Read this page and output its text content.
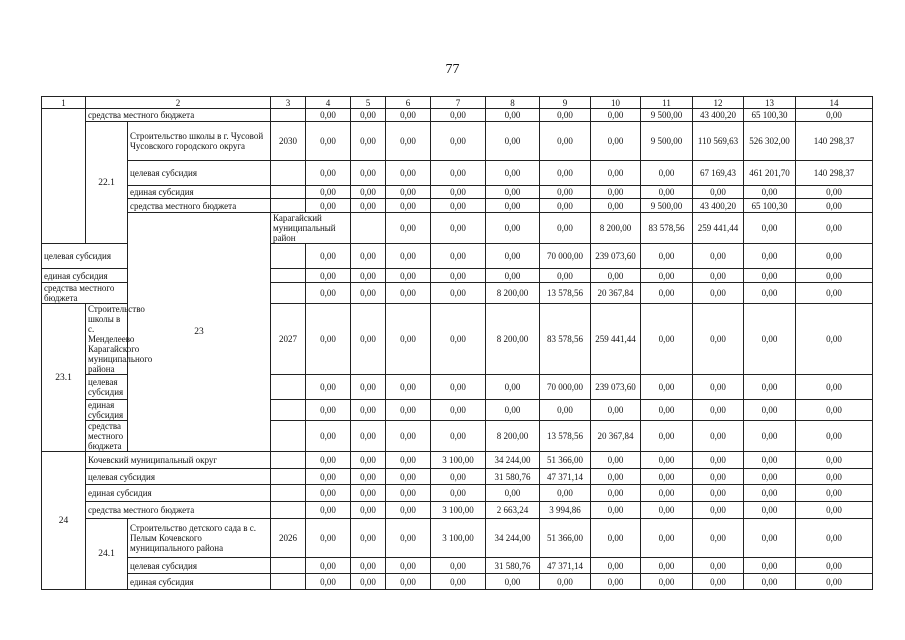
77
1	2		3	4	5	6	7	8	9	10	11	12	13	14	
	средства местного бюджета			0,00	0,00	0,00	0,00	0,00	0,00	0,00	9 500,00	43 400,20	65 100,30	0,00	
	22.1	Строительство школы в г. Чусовой Чусовского городского округа	2030	0,00	0,00	0,00	0,00	0,00	0,00	0,00	9 500,00	110 569,63	526 302,00	140 298,37	
		целевая субсидия		0,00	0,00	0,00	0,00	0,00	0,00	0,00	0,00	67 169,43	461 201,70	140 298,37	
		единая субсидия		0,00	0,00	0,00	0,00	0,00	0,00	0,00	0,00	0,00	0,00	0,00	
		средства местного бюджета		0,00	0,00	0,00	0,00	0,00	0,00	0,00	9 500,00	43 400,20	65 100,30	0,00	
		23	Карагайский муниципальный район			0,00	0,00	0,00	0,00	8 200,00	83 578,56	259 441,44	0,00	0,00		
целевая субсидия				0,00	0,00	0,00	0,00	0,00	70 000,00	239 073,60	0,00	0,00	0,00	0,00	
единая субсидия				0,00	0,00	0,00	0,00	0,00	0,00	0,00	0,00	0,00	0,00	0,00	
средства местного бюджета				0,00	0,00	0,00	0,00	8 200,00	13 578,56	20 367,84	0,00	0,00	0,00	0,00	
23.1	Строительство школы в с. Менделеево Карагайского муниципального района		2027	0,00	0,00	0,00	0,00	8 200,00	83 578,56	259 441,44	0,00	0,00	0,00	0,00	
	целевая субсидия			0,00	0,00	0,00	0,00	0,00	70 000,00	239 073,60	0,00	0,00	0,00	0,00	
	единая субсидия			0,00	0,00	0,00	0,00	0,00	0,00	0,00	0,00	0,00	0,00	0,00	
	средства местного бюджета			0,00	0,00	0,00	0,00	8 200,00	13 578,56	20 367,84	0,00	0,00	0,00	0,00	
24	Кочевский муниципальный округ			0,00	0,00	0,00	3 100,00	34 244,00	51 366,00	0,00	0,00	0,00	0,00	0,00	
	целевая субсидия			0,00	0,00	0,00	0,00	31 580,76	47 371,14	0,00	0,00	0,00	0,00	0,00	
	единая субсидия			0,00	0,00	0,00	0,00	0,00	0,00	0,00	0,00	0,00	0,00	0,00	
	средства местного бюджета			0,00	0,00	0,00	3 100,00	2 663,24	3 994,86	0,00	0,00	0,00	0,00	0,00	
	24.1	Строительство детского сада в с. Пелым Кочевского муниципального района	2026	0,00	0,00	0,00	3 100,00	34 244,00	51 366,00	0,00	0,00	0,00	0,00	0,00	
		целевая субсидия		0,00	0,00	0,00	0,00	31 580,76	47 371,14	0,00	0,00	0,00	0,00	0,00	
		единая субсидия		0,00	0,00	0,00	0,00	0,00	0,00	0,00	0,00	0,00	0,00	0,00	
